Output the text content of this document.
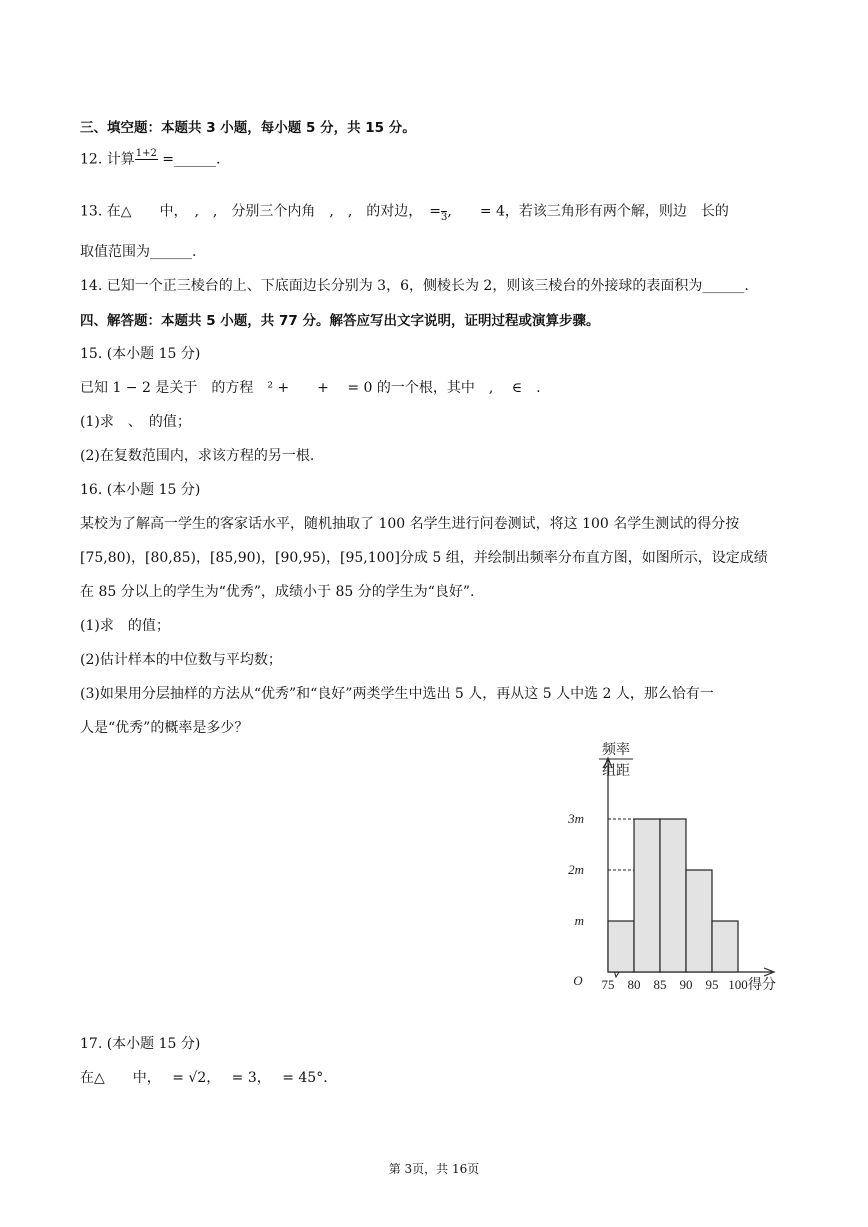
三、填空题：本题共 3 小题，每小题 5 分，共 15 分。
12. 计算 1+2
=______.
13. 在△　　中，　,　,　分别三个内角　,　,　的对边，　=
3 ,　　= 4，若该三角形有两个解，则边　长的
取值范围为______.
14. 已知一个正三棱台的上、下底面边长分别为 3，6，侧棱长为 2，则该三棱台的外接球的表面积为______.
四、解答题：本题共 5 小题，共 77 分。解答应写出文字说明，证明过程或演算步骤。
15. (本小题 15 分)
已知 1 − 2 是关于　的方程　² +　　+　 = 0 的一个根，其中　,　 ∈　.
(1)求　、　的值；
(2)在复数范围内，求该方程的另一根.
16. (本小题 15 分)
某校为了解高一学生的客家话水平，随机抽取了 100 名学生进行问卷测试，将这 100 名学生测试的得分按
[75,80)，[80,85)，[85,90)，[90,95)，[95,100]分成 5 组，并绘制出频率分布直方图，如图所示，设定成绩
在 85 分以上的学生为“优秀”，成绩小于 85 分的学生为“良好”.
(1)求　的值；
(2)估计样本的中位数与平均数；
(3)如果用分层抽样的方法从“优秀”和“良好”两类学生中选出 5 人，再从这 5 人中选 2 人，那么恰有一
人是“优秀”的概率是多少？
频率
组距
m
2m
3m
75 80 85 90 95 100
O	得分
17. (本小题 15 分)
在△　　中，　 = √2，　 = 3，　 = 45°.
第 3页，共 16页
